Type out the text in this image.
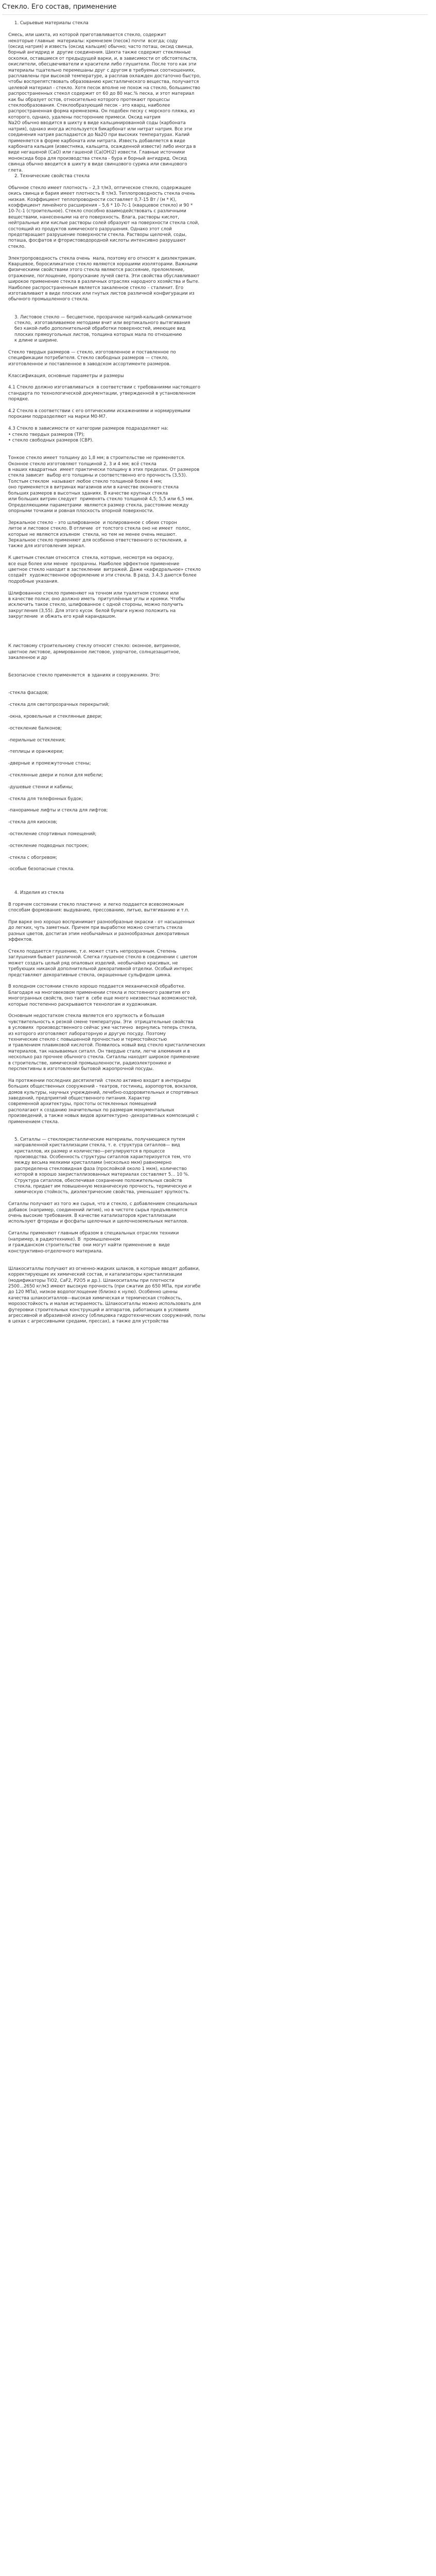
Стекло. Его состав, применение
1. Сырьевые материалы стекла
Смесь, или шихта, из которой приготавливается стекло, содержит
некоторые главные  материалы: кремнезем (песок) почти  всегда; соду
(оксид натрия) и известь (оксид кальция) обычно; часто поташ, оксид свинца,
борный ангидрид и  другие соединения. Шихта также содержит стеклянные
осколки, оставшиеся от предыдущей варки, и, в зависимости от обстоятельств,
окислители, обесцвечиватели и красители либо глушители. После того как эти
материалы тщательно перемешаны друг с другом в требуемых соотношениях,
расплавлены при высокой температуре, а расплав охлажден достаточно быстро,
чтобы воспрепятствовать образованию кристаллического вещества, получается
целевой материал - стекло. Хотя песок вполне не похож на стекло, большинство
распространенных стекол содержит от 60 до 80 мас.% песка, и этот материал
как бы образует остов, относительно которого протекают процессы
стеклообразования. Стеклообразующий песок - это кварц, наиболее
распространенная форма кремнезема. Он подобен песку с морского пляжа, из
которого, однако, удалены посторонние примеси. Оксид натрия
Na2O обычно вводится в шихту в виде кальцинированной соды (карбоната
натрия), однако иногда используется бикарбонат или нитрат натрия. Все эти
соединения натрия распадаются до Na2O при высоких температурах. Калий
применяется в форме карбоната или нитрата. Известь добавляется в виде
карбоната кальция (известняка, кальцита, осажденной извести) либо иногда в
виде негашеной (CaO) или гашеной (Ca(OH)2) извести. Главные источники
моноксида бора для производства стекла - бура и борный ангидрид. Оксид
свинца обычно вводится в шихту в виде свинцового сурика или свинцового
глета.
2. Технические свойства стекла
Обычное стекло имеет плотность – 2,3 т/м3, оптическое стекло, содержащее
окись свинца и бария имеет плотность 8 т/м3. Теплопроводность стекла очень
низкая. Коэффициент теплопроводности составляет 0,7-15 Вт / (м * К),
коэффициент линейного расширения – 5,6 * 10-7с-1 (кварцевое стекло) и 90 *
10-7с-1 (строительное). Стекло способно взаимодействовать с различными
веществами, нанесенными на его поверхность. Влага, растворы кислот,
нейтральные или кислые растворы солей образуют на поверхности стекла слой,
состоящий из продуктов химического разрушения. Однако этот слой
предотвращает разрушение поверхности стекла. Растворы щелочей, соды,
поташа, фосфатов и фтористоводородной кислоты интенсивно разрушают
стекло.
Электропроводность стекла очень  мала, поэтому его относят к диэлектрикам.
Кварцевое, боросиликатное стекло являются хорошими изоляторами. Важными
физическими свойствами этого стекла являются рассеяние, преломление,
отражение, поглощение, пропускание лучей света. Эти свойства обуславливают
широкое применение стекла в различных отраслях народного хозяйства и быте.
Наиболее распространенным является закаленное стекло – сталинит. Его
изготавливают в виде плоских или гнутых листов различной конфигурации из
обычного промышленного стекла.
3. Листовое стекло — бесцветное, прозрачное натрий-кальций-силикатное
стекло,  изготавливаемое методами вчит или вертикального вытягивания
без какой-либо дополнительной обработки поверхностей, имеющее вид
плоских прямоугольных листов, толщина которых мала по отношению
к длине и ширине.
Стекло твердых размеров — стекло, изготовленное и поставленное по
спецификации потребителя. Стекло свободных размеров — стекло,
изготовленное и поставленное в заводском ассортименте размеров.
Классификация, основные параметры и размеры
4.1 Стекло должно изготавливаться  в соответствии с требованиями настоящего
стандарта по технологической документации, утвержденной в установленном
порядке.
4.2 Стекло в соответствии с его оптическими искажениями и нормируемыми
пороками подразделяют на марки М0-М7.
4.3 Стекло в зависимости от категории размеров подразделяют на:
• стекло твердых размеров (ТР);
• стекло свободных размеров (СВР).
Тонкое стекло имеет толщину до 1,8 мм; в строительстве не применяется.
Оконное стекло изготовляют толщиной 2, 3 и 4 мм; всё стекла
в наших квадратных  имеет практически толщину в этих пределах. От размеров
стекла зависит  выбор его толщины и соответственно его прочность (3,53).
Толстым стеклом  называют любое стекло толщиной более 4 мм;
оно применяется в витринах магазинов или в качестве оконного стекла
больших размеров в высотных зданиях. В качестве крупных стекла
или больших витрин следует  применять стекло толщиной 4,5; 5,5 или 6,5 мм.
Определяющими параметрами  являются размер стекла, расстояние между
опорными точками и ровная плоскость опорной поверхности.
Зеркальное стекло – это шлифованное  и полированное с обеих сторон
литое и листовое стекло. В отличие  от толстого стекла оно не имеет  полос,
которые не являются изъяном  стекла, но тем не менее очень мешают.
Зеркальное стекло применяют для особенно ответственного остекления, а
также для изготовления зеркал.
К цветным стеклам относятся  стекла, которые, несмотря на окраску,
все еще более или менее  прозрачны. Наиболее эффектное применение
цветное стекло находит в застеклении  витражей. Даже «кафедральное» стекло
создаёт  художественное оформление и эти стекла. В разд. 3.4.3 даются более
подробные указания.
Шлифованное стекло применяют на точном или туалетном столике или
в качестве полки; оно должно иметь  притуплённые углы и кромки. Чтобы
исключить такое стекло, шлифованное с одной стороны, можно получить
закругления (3,55). Для этого кусок  белой бумаги нужно положить на
закругление  и обжать его край карандашом.
К листовому строительному стеклу относят стекло: оконное, витринное,
цветное листовое, армированное листовое, узорчатое, солнцезащитное,
закаленное и др
Безопасное стекло применяется  в зданиях и сооружениях. Это:
-стекла фасадов;
-стекла для светопрозрачных перекрытий;
-окна, кровельные и стеклянные двери;
-остекление балконов;
-перильные остекления;
-теплицы и оранжереи;
-дверные и промежуточные стены;
-стеклянные двери и полки для мебели;
-душевые стенки и кабины;
-стекла для телефонных будок;
-панорамные лифты и стекла для лифтов;
-стекла для киосков;
-остекление спортивных помещений;
-остекление подводных построек;
-стекла с обогревом;
-особые безопасные стекла.
4. Изделия из стекла
В горячем состоянии стекло пластично  и легко поддается всевозможным
способам формования: выдуванию, прессованию, литью, вытягиванию и т.п.
При варке оно хорошо воспринимает разнообразные окраски - от насыщенных
до легких, чуть заметных. Причем при выработке можно сочетать стекла
разных цветов, достигая этим необычайных и разнообразных декоративных
эффектов.
Стекло поддается глушению, т.е. может стать непрозрачным. Степень
заглушения бывает различной. Слегка глушеное стекло в соединении с цветом
может создать целый ряд опаловых изделий, необычайно красивых, не
требующих никакой дополнительной декоративной отделки. Особый интерес
представляют декоративные стекла, окрашенные сульфидом цинка.
В холодном состоянии стекло хорошо поддается механической обработке.
Благодаря на многовековом применении стекла и постоянного развития его
многогранных свойств, оно тает в  себе еще много неизвестных возможностей,
которые постепенно раскрываются технологам и художникам.
Основным недостатком стекла является его хрупкость и большая
чувствительность к резкой смене температуры. Эти  отрицательные свойства
в условиях  производственного сейчас уже частично  вернулись теперь стекла,
из которого изготовляют лабораторную и другую посуду. Поэтому
технические стекло с повышенной прочностью и термостойкостью
и травлением плавиковой кислотой. Появилось новый вид стекло кристаллических
материалов, так называемых ситалл. Он твердые стали, легче алюминия и в
несколько раз прочнее обычного стекла. Ситаллы находят широкое применение
в строительстве, химической промышленности, радиоэлектронике и
перспективны в изготовлении бытовой жаропрочной посуды.
На протяжении последних десятилетий  стекло активно входит в интерьеры
больших общественных сооружений - театров, гостиниц, аэропортов, вокзалов,
домов культуры, научных учреждений, лечебно-оздоровительных и спортивных
заведений, предприятий общественного питания. Характер
современной архитектуры, простоты остекленных помещений
располагают к созданию значительных по размерам монументальных
произведений, а также новых видов архитектурно -декоративных композиций с
применением стекла.
5. Ситаллы — стеклокристаллические материалы, получающиеся путем
направленной кристаллизации стекла, т. е. структура ситаллов— вид
кристаллов, их размер и количество—регулируются в процессе
производства. Особенность структуры ситаллов характеризуется тем, что
между весьма мелкими кристаллами (несколько мкм) равномерно
распределена стекловидная фаза (прослойкой около 1 мкм), количество
которой в хорошо закристаллизованных материалах составляет 5... 10 %.
Структура ситаллов, обеспечивая сохранение положительных свойств
стекла, придает им повышенную механическую прочность, термическую и
химическую стойкость, диэлектрические свойства, уменьшает хрупкость.
Ситаллы получают из того же сырья, что и стекло, с добавлением специальных
добавок (например, соединений лития), но в чистоте сырья предъявляются
очень высокие требования. В качестве катализаторов кристаллизации
используют фториды и фосфаты щелочных и щелочноземельных металлов.
Ситаллы применяют главным образом в специальных отраслях техники
(например, в радиотехнике). В  промышленном
и гражданском строительстве  они могут найти применение в  виде
конструктивно-отделочного материала.
Шлакоситаллы получают из огненно-жидких шлаков, в которые вводят добавки,
корректирующие их химический состав, и катализаторы кристаллизации
(модификаторы TiO2, CaF2, P2O5 и др.). Шлакоситаллы при плотности
2500...2650 кг/м3 имеют высокую прочность (при сжатии до 650 МПа, при изгибе
до 120 МПа), низкое водопоглощение (близко к нулю). Особенно ценны
качества шлакоситаллов—высокая химическая и термическая стойкость,
морозостойкость и малая истираемость. Шлакоситаллы можно использовать для
футеровки строительных конструкций и аппаратов, работающих в условиях
агрессивной и абразивной износу (облицовка гидротехнических сооружений, полы
в цехах с агрессивными средами, прессах), а также для устройства
